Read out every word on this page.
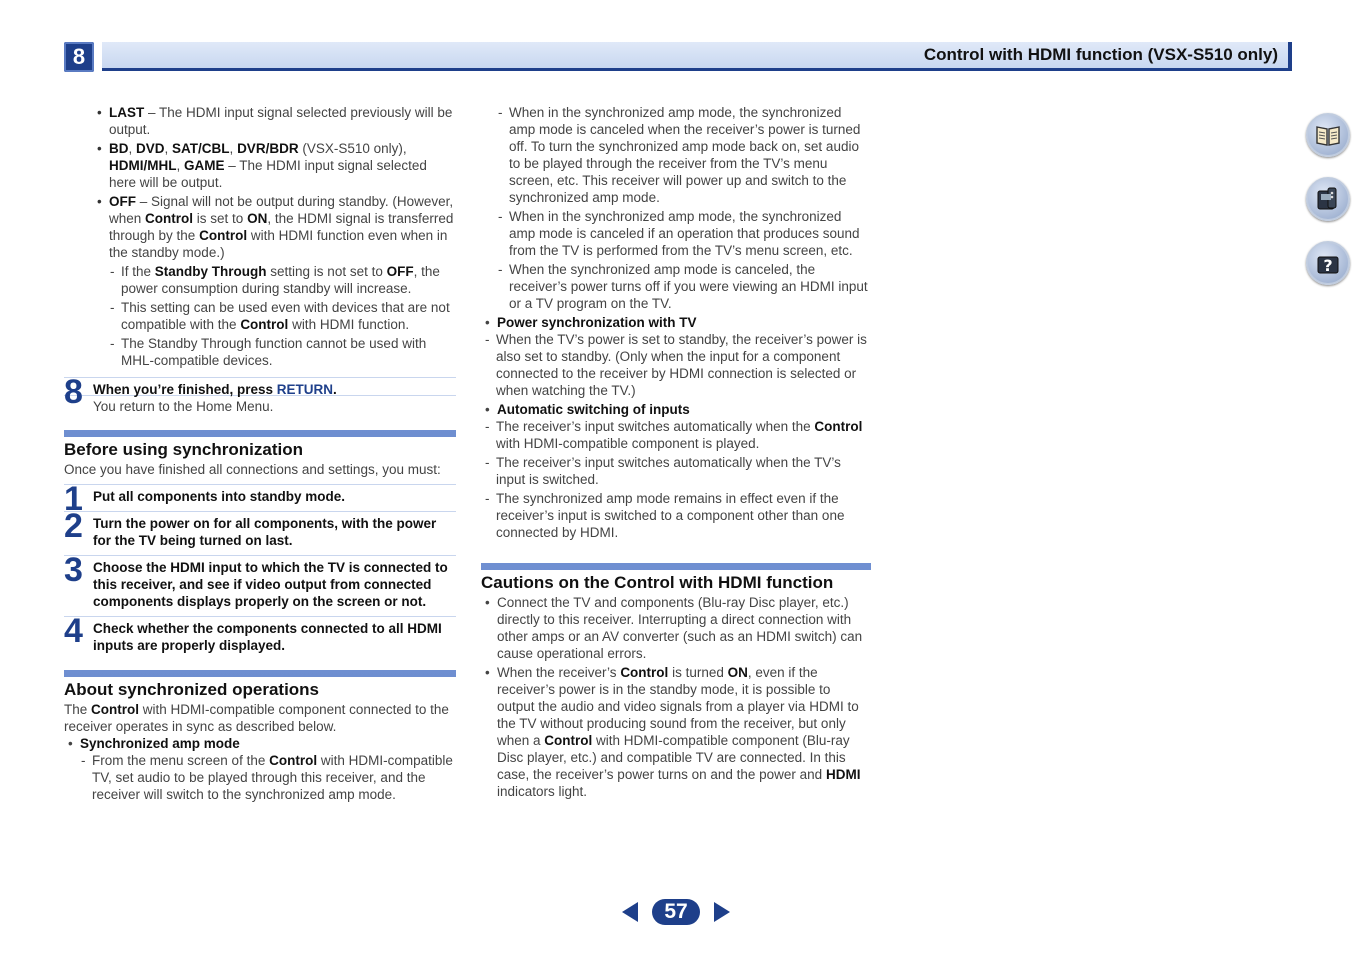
8	Control with HDMI function (VSX-S510 only)
• LAST – The HDMI input signal selected previously will be output.
• BD, DVD, SAT/CBL, DVR/BDR (VSX-S510 only), HDMI/MHL, GAME – The HDMI input signal selected here will be output.
• OFF – Signal will not be output during standby. (However, when Control is set to ON, the HDMI signal is transferred through by the Control with HDMI function even when in the standby mode.)
- If the Standby Through setting is not set to OFF, the power consumption during standby will increase.
- This setting can be used even with devices that are not compatible with the Control with HDMI function.
- The Standby Through function cannot be used with MHL-compatible devices.
8 When you’re finished, press RETURN.
You return to the Home Menu.
Before using synchronization
Once you have finished all connections and settings, you must:
1 Put all components into standby mode.
2 Turn the power on for all components, with the power for the TV being turned on last.
3 Choose the HDMI input to which the TV is connected to this receiver, and see if video output from connected components displays properly on the screen or not.
4 Check whether the components connected to all HDMI inputs are properly displayed.
About synchronized operations
The Control with HDMI-compatible component connected to the receiver operates in sync as described below.
• Synchronized amp mode
- From the menu screen of the Control with HDMI-compatible TV, set audio to be played through this receiver, and the receiver will switch to the synchronized amp mode.
- When in the synchronized amp mode, the synchronized amp mode is canceled when the receiver’s power is turned off. To turn the synchronized amp mode back on, set audio to be played through the receiver from the TV’s menu screen, etc. This receiver will power up and switch to the synchronized amp mode.
- When in the synchronized amp mode, the synchronized amp mode is canceled if an operation that produces sound from the TV is performed from the TV’s menu screen, etc.
- When the synchronized amp mode is canceled, the receiver’s power turns off if you were viewing an HDMI input or a TV program on the TV.
• Power synchronization with TV
- When the TV’s power is set to standby, the receiver’s power is also set to standby. (Only when the input for a component connected to the receiver by HDMI connection is selected or when watching the TV.)
• Automatic switching of inputs
- The receiver’s input switches automatically when the Control with HDMI-compatible component is played.
- The receiver’s input switches automatically when the TV’s input is switched.
- The synchronized amp mode remains in effect even if the receiver’s input is switched to a component other than one connected by HDMI.
Cautions on the Control with HDMI function
• Connect the TV and components (Blu-ray Disc player, etc.) directly to this receiver. Interrupting a direct connection with other amps or an AV converter (such as an HDMI switch) can cause operational errors.
• When the receiver’s Control is turned ON, even if the receiver’s power is in the standby mode, it is possible to output the audio and video signals from a player via HDMI to the TV without producing sound from the receiver, but only when a Control with HDMI-compatible component (Blu-ray Disc player, etc.) and compatible TV are connected. In this case, the receiver’s power turns on and the power and HDMI indicators light.
?
57
